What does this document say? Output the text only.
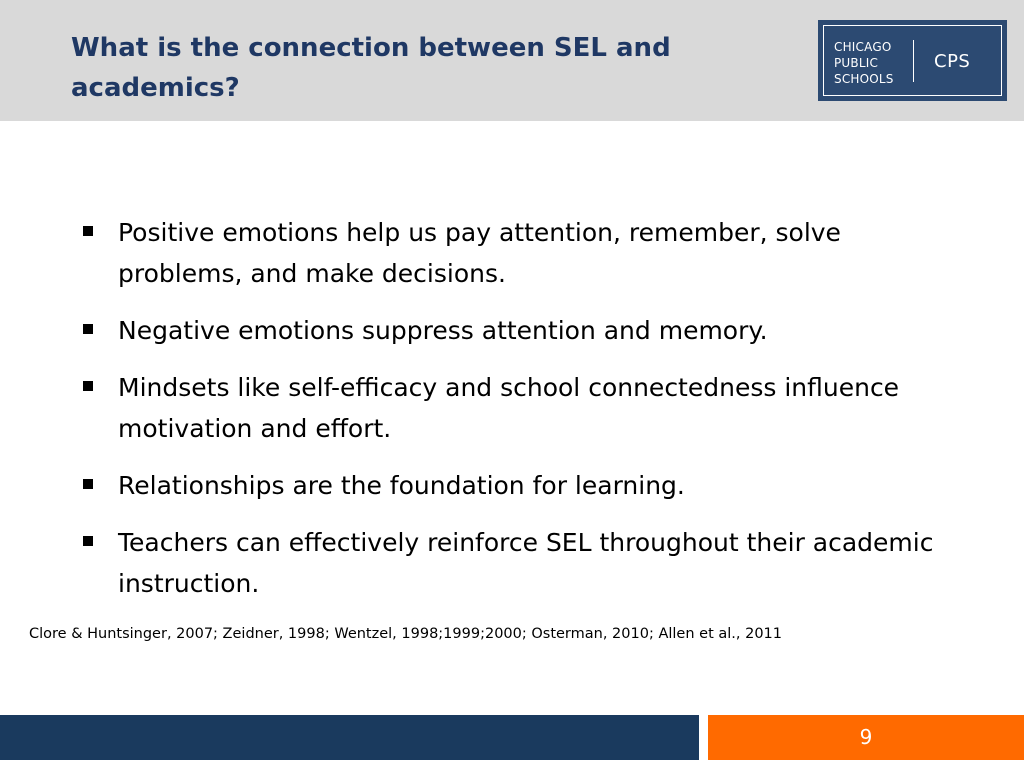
What is the connection between SEL and academics?
CHICAGO
PUBLIC
SCHOOLS
CPS
Positive emotions help us pay attention, remember, solve problems, and make decisions.
Negative emotions suppress attention and memory.
Mindsets like self-efficacy and school connectedness influence motivation and effort.
Relationships are the foundation for learning.
Teachers can effectively reinforce SEL throughout their academic instruction.

Clore & Huntsinger, 2007; Zeidner, 1998; Wentzel, 1998;1999;2000; Osterman, 2010; Allen et al., 2011

9
